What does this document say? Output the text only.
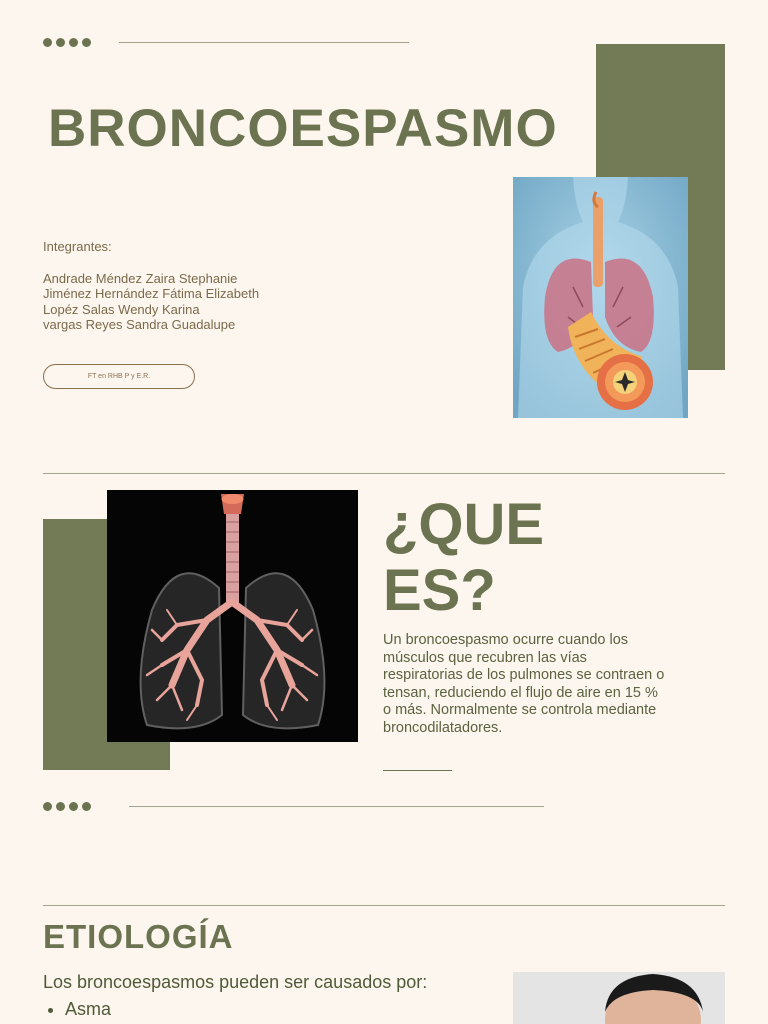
BRONCOESPASMO
Integrantes:
Andrade Méndez Zaira Stephanie
Jiménez Hernández Fátima Elizabeth
Lopéz Salas Wendy Karina
vargas Reyes Sandra Guadalupe
FT en RHB P y E.R.
¿QUE
ES?
Un broncoespasmo ocurre cuando los músculos que recubren las vías respiratorias de los pulmones se contraen o tensan, reduciendo el flujo de aire en 15 % o más. Normalmente se controla mediante broncodilatadores.
ETIOLOGÍA
Los broncoespasmos pueden ser causados por:
• Asma
